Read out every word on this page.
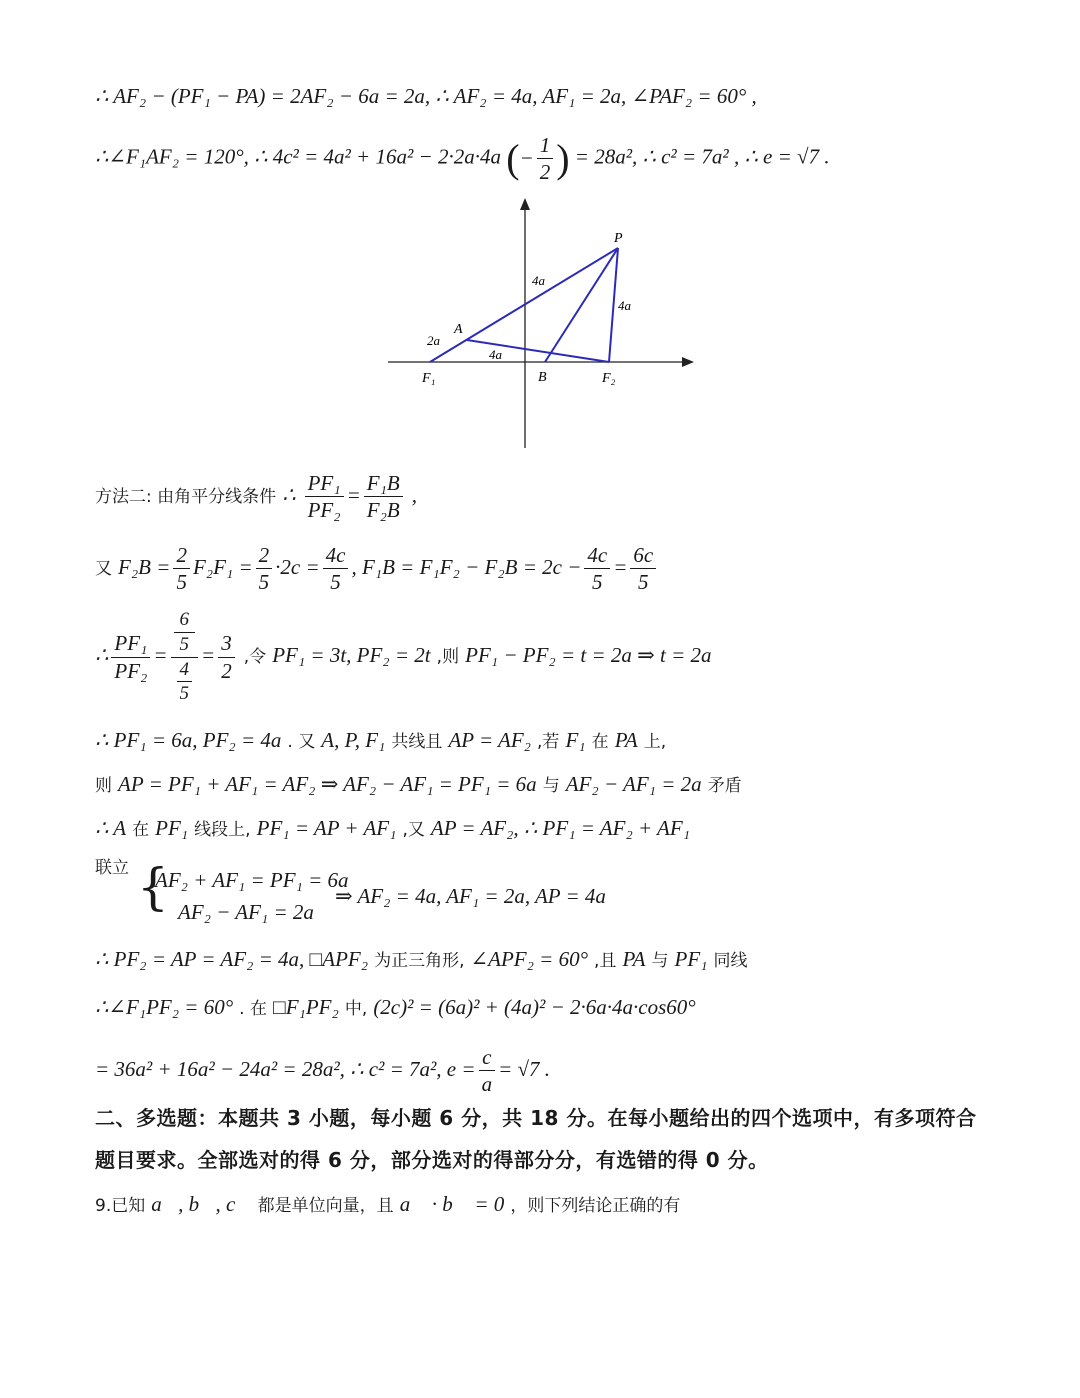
∴ AF₂ − (PF₁ − PA) = 2AF₂ − 6a = 2a, ∴ AF₂ = 4a, AF₁ = 2a, ∠PAF₂ = 60° ,
∴∠F₁AF₂ = 120°, ∴ 4c² = 4a² + 16a² − 2·2a·4a (− $\frac{1}{2}$ ) = 28a², ∴ c² = 7a² , ∴ e = √7 .
P
A
B
F₁	F₂
4a
4a
2a
4a
方法二: 由角平分线条件 ∴ $\frac{\text{PF₁}}{\text{PF₂}} = \frac{\text{F₁B}}{\text{F₂B}}$ ,
又 $F_2B = \frac{2}{5} F_2F_1 = \frac{2}{5} \cdot 2c = \frac{4c}{5}$ , $F_1B = F_1F_2 - F_2B = 2c - \frac{4c}{5} = \frac{6c}{5}$
∴ $\frac{\text{PF₁}}{\text{PF₂}} = 6$
5
4
$5 = \frac{3}{2}$ ,令 PF₁ = 3t, PF₂ = 2t ,则 PF₁ − PF₂ = t = 2a ⇒ t = 2a
∴ PF₁ = 6a, PF₂ = 4a . 又 A, P, F₁ 共线且 AP = AF₂ ,若 F₁ 在 PA 上,
则 AP = PF₁ + AF₁ = AF₂ ⇒ AF₂ − AF₁ = PF₁ = 6a 与 AF₂ − AF₁ = 2a 矛盾
∴ A 在 PF₁ 线段上, PF₁ = AP + AF₁ ,又 AP = AF₂, ∴ PF₁ = AF₂ + AF₁
联立 {
AF₂ + AF₁ = PF₁ = 6a
AF₂ − AF₁ = 2a
⇒ AF₂ = 4a, AF₁ = 2a, AP = 4a
∴ PF₂ = AP = AF₂ = 4a, □APF₂ 为正三角形, ∠APF₂ = 60° ,且 PA 与 PF₁ 同线
∴∠F₁PF₂ = 60° . 在 □F₁PF₂ 中, (2c)² = (6a)² + (4a)² − 2·6a·4a·cos60°
= 36a² + 16a² − 24a² = 28a², ∴ c² = 7a², $e = \frac{c}{a} = √7$ .
二、多选题：本题共 3 小题，每小题 6 分，共 18 分。在每小题给出的四个选项中，有多项符合
题目要求。全部选对的得 6 分，部分选对的得部分分，有选错的得 0 分。
9.已知 a⃗, b⃗, c⃗ 都是单位向量，且 a⃗ · b⃗ = 0 ，则下列结论正确的有
